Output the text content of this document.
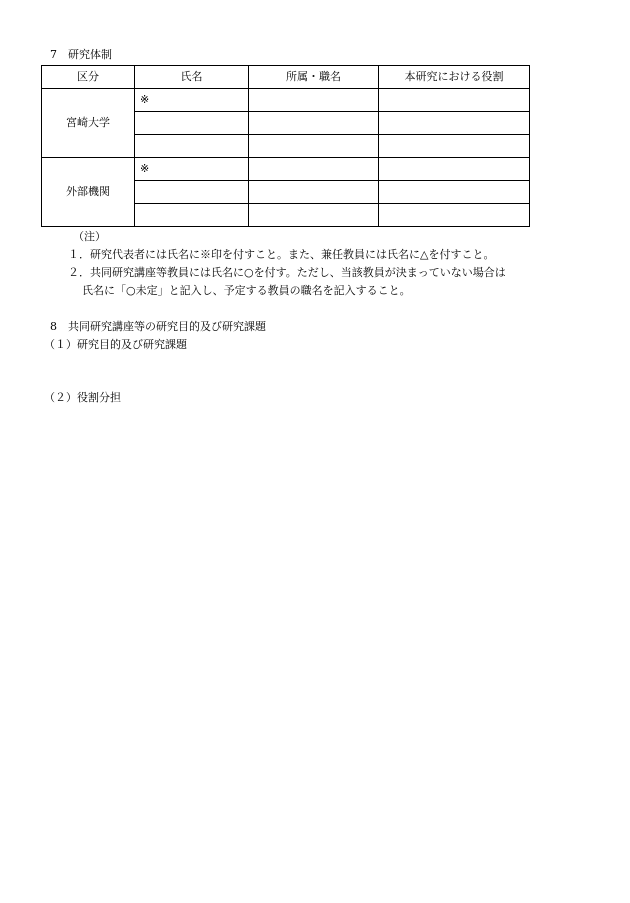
7　研究体制
区分	氏名	所属・職名	本研究における役割
宮崎大学	※		

外部機関	※		

（注）
１．研究代表者には氏名に※印を付すこと。また、兼任教員には氏名に△を付すこと。
２．共同研究講座等教員には氏名に○を付す。ただし、当該教員が決まっていない場合は
氏名に「○未定」と記入し、予定する教員の職名を記入すること。
8　共同研究講座等の研究目的及び研究課題
（１）研究目的及び研究課題
（２）役割分担
